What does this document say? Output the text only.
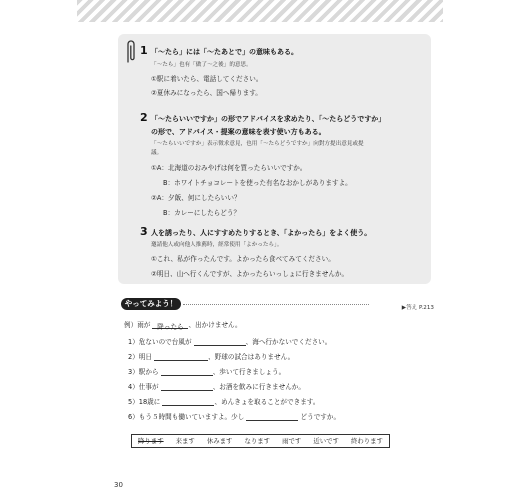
1 「〜たら」には「〜たあとで」の意味もある。
「〜たら」也有「做了〜之後」的意思。
①駅に着いたら、電話してください。
②夏休みになったら、国へ帰ります。
2 「〜たらいいですか」の形でアドバイスを求めたり、「〜たらどうですか」
の形で、アドバイス・提案の意味を表す使い方もある。
「〜たらいいですか」表示徵求意見，也用「〜たらどうですか」向對方提出意見或提
議。
①A：北海道のおみやげは何を買ったらいいですか。
B：ホワイトチョコレートを使った有名なおかしがありますよ。
②A：夕飯、何にしたらいい？
B：カレーにしたらどう？
3 人を誘ったり、人にすすめたりするとき、「よかったら」をよく使う。
邀請他人或向他人推薦時，經常使用「よかったら」。
①これ、私が作ったんです。よかったら食べてみてください。
②明日、山へ行くんですが、よかったらいっしょに行きませんか。
やってみよう！	▶答え P.213
例）雨が 降ったら 、出かけません。
1）危ないので台風が	、海へ行かないでください。
2）明日	、野球の試合はありません。
3）駅から	、歩いて行きましょう。
4）仕事が	、お酒を飲みに行きませんか。
5）18歳に	、めんきょを取ることができます。
6）もう５時間も働いていますよ。少し	どうですか。
降ります 来ます 休みます なります 雨です 近いです 終わります
30
